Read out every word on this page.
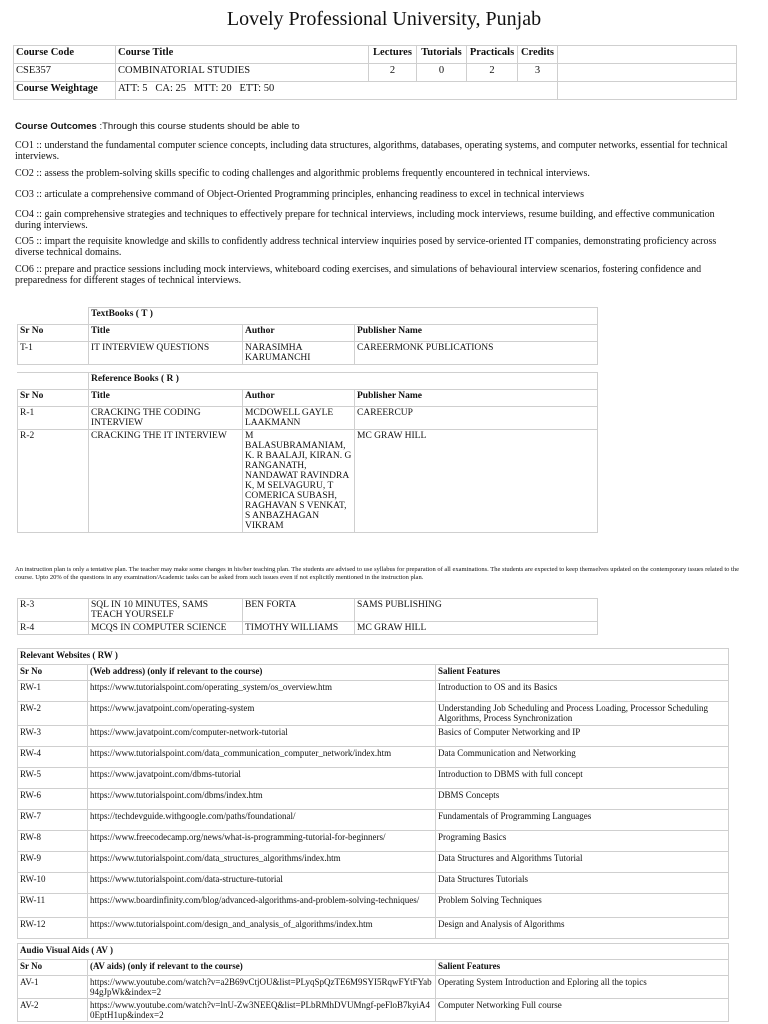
Lovely Professional University, Punjab
Course Code	Course Title	Lectures	Tutorials	Practicals	Credits	
CSE357	COMBINATORIAL STUDIES	2	0	2	3	
Course Weightage	ATT: 5   CA: 25   MTT: 20   ETT: 50					
Course Outcomes :Through this course students should be able to
CO1 :: understand the fundamental computer science concepts, including data structures, algorithms, databases, operating systems, and computer networks, essential for technical interviews.
CO2 :: assess the problem-solving skills specific to coding challenges and algorithmic problems frequently encountered in technical interviews.
CO3 :: articulate a comprehensive command of Object-Oriented Programming principles, enhancing readiness to excel in technical interviews
CO4 :: gain comprehensive strategies and techniques to effectively prepare for technical interviews, including mock interviews, resume building, and effective communication during interviews.
CO5 :: impart the requisite knowledge and skills to confidently address technical interview inquiries posed by service-oriented IT companies, demonstrating proficiency across diverse technical domains.
CO6 :: prepare and practice sessions including mock interviews, whiteboard coding exercises, and simulations of behavioural interview scenarios, fostering confidence and preparedness for different stages of technical interviews.
	TextBooks ( T )		
Sr No	Title	Author	Publisher Name
T-1	IT INTERVIEW QUESTIONS	NARASIMHA KARUMANCHI	CAREERMONK PUBLICATIONS

	Reference Books ( R )		
Sr No	Title	Author	Publisher Name
R-1	CRACKING THE CODING INTERVIEW	MCDOWELL GAYLE LAAKMANN	CAREERCUP
R-2	CRACKING THE IT INTERVIEW	M BALASUBRAMANIAM, K. R BAALAJI, KIRAN. G RANGANATH, NANDAWAT RAVINDRA K, M SELVAGURU, T COMERICA SUBASH, RAGHAVAN S VENKAT, S ANBAZHAGAN VIKRAM	MC GRAW HILL
An instruction plan is only a tentative plan. The teacher may make some changes in his/her teaching plan. The students are advised to use syllabus for preparation of all examinations. The students are expected to keep themselves updated on the contemporary issues related to the course. Upto 20% of the questions in any examination/Academic tasks can be asked from such issues even if not explicitly mentioned in the instruction plan.
R-3	SQL IN 10 MINUTES, SAMS TEACH YOURSELF	BEN FORTA	SAMS PUBLISHING
R-4	MCQS IN COMPUTER SCIENCE	TIMOTHY WILLIAMS	MC GRAW HILL
Relevant Websites ( RW )		
Sr No	(Web address) (only if relevant to the course)	Salient Features
RW-1	https://www.tutorialspoint.com/operating_system/os_overview.htm	Introduction to OS and its Basics
RW-2	https://www.javatpoint.com/operating-system	Understanding Job Scheduling and Process Loading, Processor Scheduling Algorithms, Process Synchronization
RW-3	https://www.javatpoint.com/computer-network-tutorial	Basics of Computer Networking and IP
RW-4	https://www.tutorialspoint.com/data_communication_computer_network/index.htm	Data Communication and Networking
RW-5	https://www.javatpoint.com/dbms-tutorial	Introduction to DBMS with full concept
RW-6	https://www.tutorialspoint.com/dbms/index.htm	DBMS Concepts
RW-7	https://techdevguide.withgoogle.com/paths/foundational/	Fundamentals of Programming Languages
RW-8	https://www.freecodecamp.org/news/what-is-programming-tutorial-for-beginners/	Programing Basics
RW-9	https://www.tutorialspoint.com/data_structures_algorithms/index.htm	Data Structures and Algorithms Tutorial
RW-10	https://www.tutorialspoint.com/data-structure-tutorial	Data Structures Tutorials
RW-11	https://www.boardinfinity.com/blog/advanced-algorithms-and-problem-solving-techniques/	Problem Solving Techniques
RW-12	https://www.tutorialspoint.com/design_and_analysis_of_algorithms/index.htm	Design and Analysis of Algorithms

Audio Visual Aids ( AV )		
Sr No	(AV aids) (only if relevant to the course)	Salient Features
AV-1	https://www.youtube.com/watch?v=a2B69vCtjOU&list=PLyqSpQzTE6M9SYI5RqwFYtFYab94gJpWk&index=2	Operating System Introduction and Eploring all the topics
AV-2	https://www.youtube.com/watch?v=lnU-Zw3NEEQ&list=PLbRMhDVUMngf-peFloB7kyiA40EptH1up&index=2	Computer Networking Full course
